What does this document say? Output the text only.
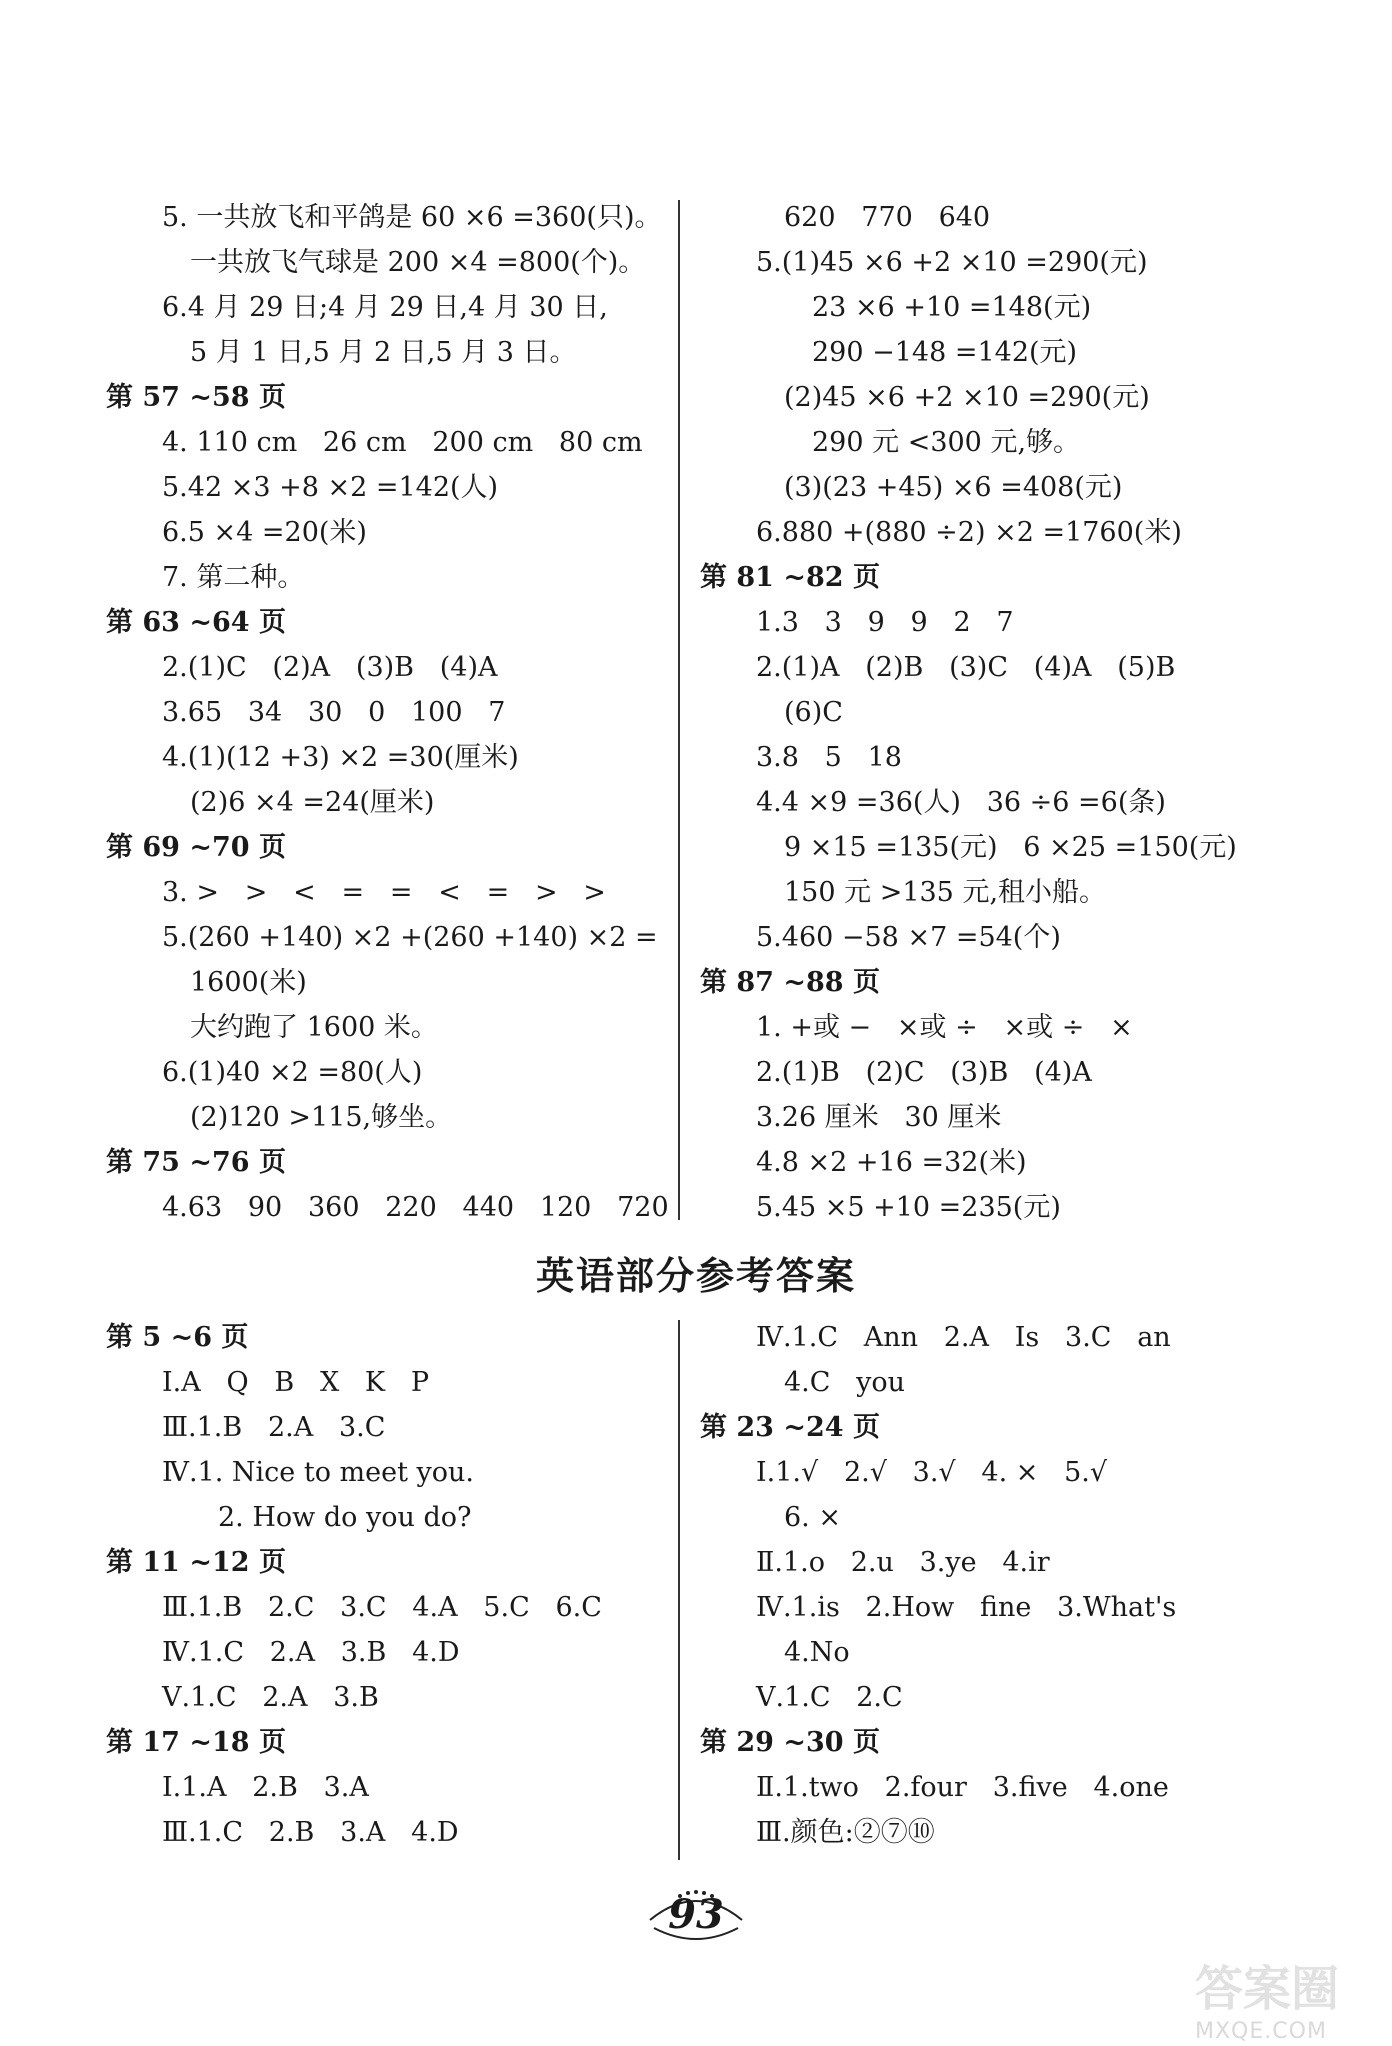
5. 一共放飞和平鸽是 60 ×6 =360(只)。
一共放飞气球是 200 ×4 =800(个)。
6.4 月 29 日;4 月 29 日,4 月 30 日,
5 月 1 日,5 月 2 日,5 月 3 日。
第 57 ~58 页
4. 110 cm   26 cm   200 cm   80 cm
5.42 ×3 +8 ×2 =142(人)
6.5 ×4 =20(米)
7. 第二种。
第 63 ~64 页
2.(1)C   (2)A   (3)B   (4)A
3.65   34   30   0   100   7
4.(1)(12 +3) ×2 =30(厘米)
(2)6 ×4 =24(厘米)
第 69 ~70 页
3. >   >   <   =   =   <   =   >   >
5.(260 +140) ×2 +(260 +140) ×2 =
1600(米)
大约跑了 1600 米。
6.(1)40 ×2 =80(人)
(2)120 >115,够坐。
第 75 ~76 页
4.63   90   360   220   440   120   720
620   770   640
5.(1)45 ×6 +2 ×10 =290(元)
23 ×6 +10 =148(元)
290 −148 =142(元)
(2)45 ×6 +2 ×10 =290(元)
290 元 <300 元,够。
(3)(23 +45) ×6 =408(元)
6.880 +(880 ÷2) ×2 =1760(米)
第 81 ~82 页
1.3   3   9   9   2   7
2.(1)A   (2)B   (3)C   (4)A   (5)B
(6)C
3.8   5   18
4.4 ×9 =36(人)   36 ÷6 =6(条)
9 ×15 =135(元)   6 ×25 =150(元)
150 元 >135 元,租小船。
5.460 −58 ×7 =54(个)
第 87 ~88 页
1. +或 −   ×或 ÷   ×或 ÷   ×
2.(1)B   (2)C   (3)B   (4)A
3.26 厘米   30 厘米
4.8 ×2 +16 =32(米)
5.45 ×5 +10 =235(元)
英语部分参考答案
第 5 ~6 页
Ⅰ.A   Q   B   X   K   P
Ⅲ.1.B   2.A   3.C
Ⅳ.1. Nice to meet you.
2. How do you do?
第 11 ~12 页
Ⅲ.1.B   2.C   3.C   4.A   5.C   6.C
Ⅳ.1.C   2.A   3.B   4.D
Ⅴ.1.C   2.A   3.B
第 17 ~18 页
Ⅰ.1.A   2.B   3.A
Ⅲ.1.C   2.B   3.A   4.D
Ⅳ.1.C   Ann   2.A   Is   3.C   an
4.C   you
第 23 ~24 页
Ⅰ.1.√   2.√   3.√   4. ×   5.√
6. ×
Ⅱ.1.o   2.u   3.ye   4.ir
Ⅳ.1.is   2.How   fine   3.What's
4.No
Ⅴ.1.C   2.C
第 29 ~30 页
Ⅱ.1.two   2.four   3.five   4.one
Ⅲ.颜色:②⑦⑩
93
答案圈
MXQE.COM
